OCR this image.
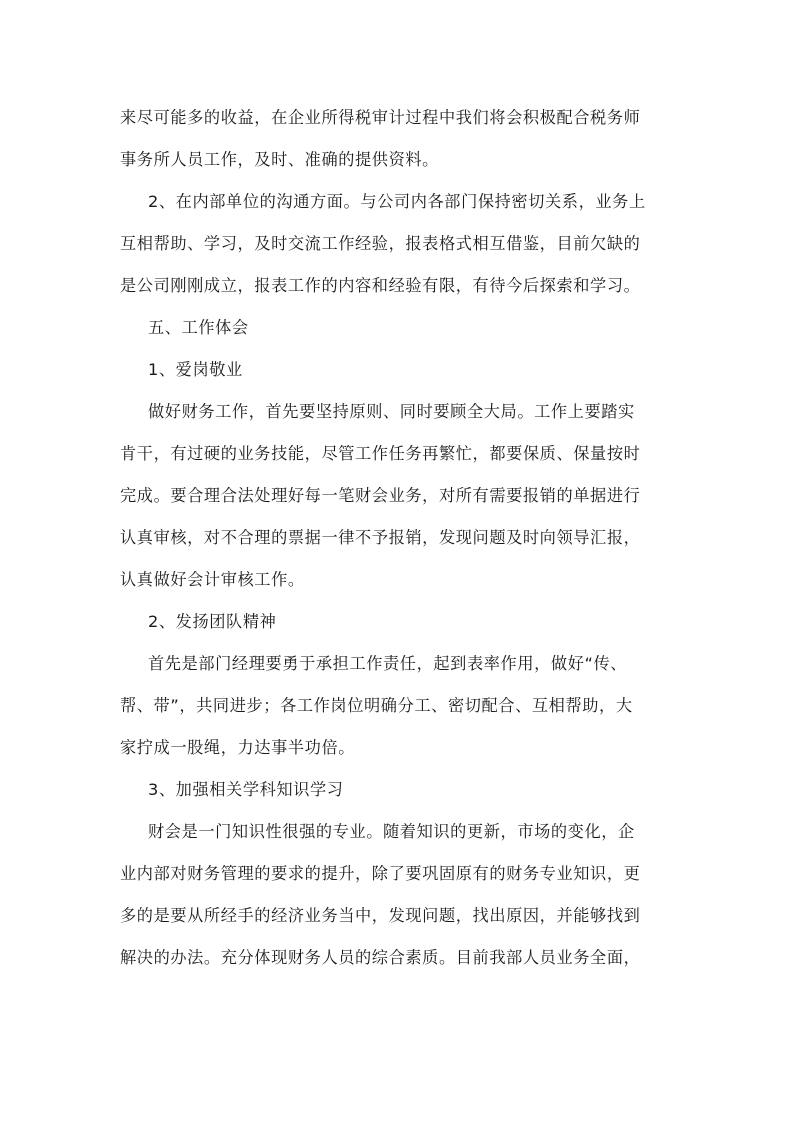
来尽可能多的收益，在企业所得税审计过程中我们将会积极配合税务师
事务所人员工作，及时、准确的提供资料。
2、在内部单位的沟通方面。与公司内各部门保持密切关系，业务上
互相帮助、学习，及时交流工作经验，报表格式相互借鉴，目前欠缺的
是公司刚刚成立，报表工作的内容和经验有限，有待今后探索和学习。
五、工作体会
1、爱岗敬业
做好财务工作，首先要坚持原则、同时要顾全大局。工作上要踏实
肯干，有过硬的业务技能，尽管工作任务再繁忙，都要保质、保量按时
完成。要合理合法处理好每一笔财会业务，对所有需要报销的单据进行
认真审核，对不合理的票据一律不予报销，发现问题及时向领导汇报，
认真做好会计审核工作。
2、发扬团队精神
首先是部门经理要勇于承担工作责任，起到表率作用，做好“传、
帮、带”，共同进步；各工作岗位明确分工、密切配合、互相帮助，大
家拧成一股绳，力达事半功倍。
3、加强相关学科知识学习
财会是一门知识性很强的专业。随着知识的更新，市场的变化，企
业内部对财务管理的要求的提升，除了要巩固原有的财务专业知识，更
多的是要从所经手的经济业务当中，发现问题，找出原因，并能够找到
解决的办法。充分体现财务人员的综合素质。目前我部人员业务全面，
